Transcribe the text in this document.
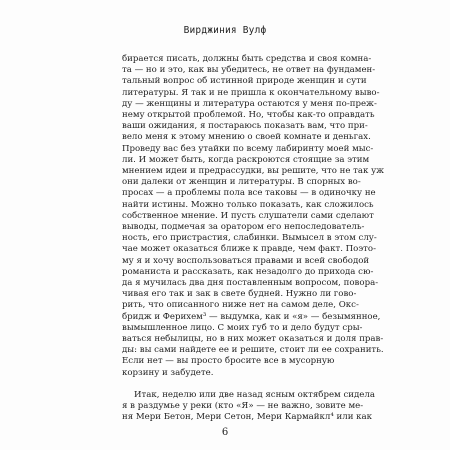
Вирджиния Вулф
бирается писать, должны быть средства и своя комна-
та — но и это, как вы убедитесь, не ответ на фундамен-
тальный вопрос об истинной природе женщин и сути
литературы. Я так и не пришла к окончательному выво-
ду — женщины и литература остаются у меня по-преж-
нему открытой проблемой. Но, чтобы как-то оправдать
ваши ожидания, я постараюсь показать вам, что при-
вело меня к этому мнению о своей комнате и деньгах.
Проведу вас без утайки по всему лабиринту моей мыс-
ли. И может быть, когда раскроются стоящие за этим
мнением идеи и предрассудки, вы решите, что не так уж
они далеки от женщин и литературы. В спорных во-
просах — а проблемы пола все таковы — в одиночку не
найти истины. Можно только показать, как сложилось
собственное мнение. И пусть слушатели сами сделают
выводы, подмечая за оратором его непоследователь-
ность, его пристрастия, слабинки. Вымысел в этом слу-
чае может оказаться ближе к правде, чем факт. Поэто-
му я и хочу воспользоваться правами и всей свободой
романиста и рассказать, как незадолго до прихода сю-
да я мучилась два дня поставленным вопросом, повора-
чивая его так и зак в свете будней. Нужно ли гово-
рить, что описанного ниже нет на самом деле, Окс-
бридж и Ферихем³ — выдумка, как и «я» — безымянное,
вымышленное лицо. С моих губ то и дело будут сры-
ваться небылицы, но в них может оказаться и доля прав-
ды: вы сами найдете ее и решите, стоит ли ее сохранить.
Если нет — вы просто бросите все в мусорную
корзину и забудете.
Итак, неделю или две назад ясным октябрем сидела
я в раздумье у реки (кто «Я» — не важно, зовите ме-
ня Мери Бетон, Мери Сетон, Мери Кармайкл⁴ или как
6
